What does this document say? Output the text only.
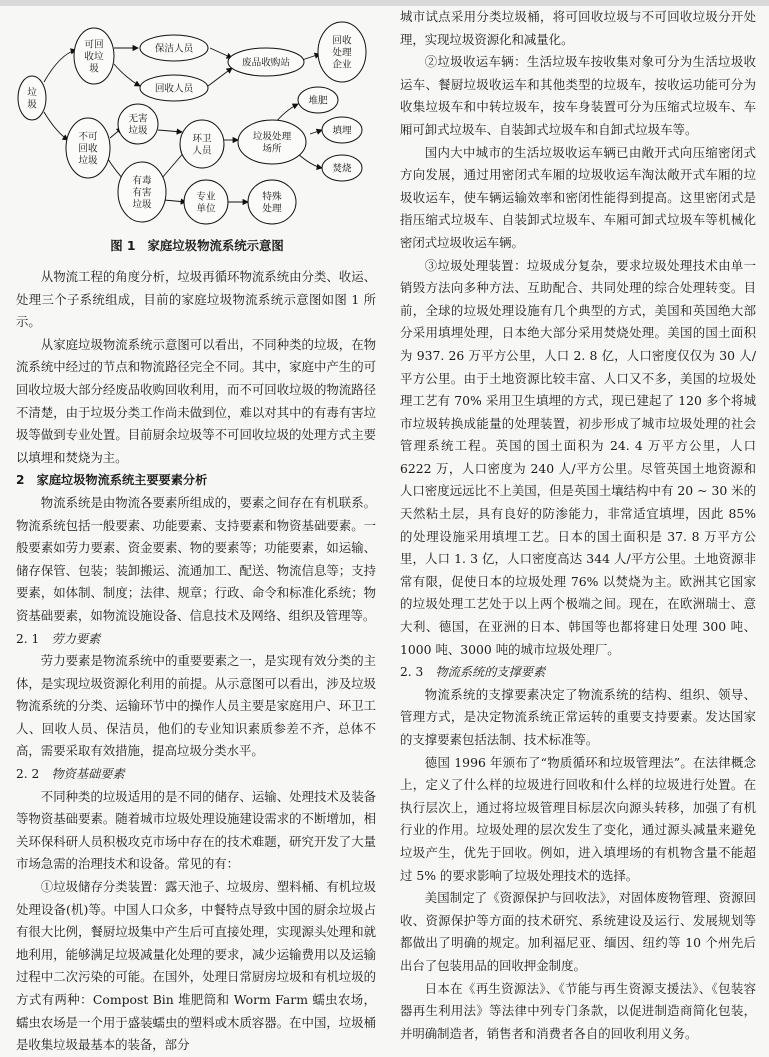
垃
圾
可回
收垃
圾
保洁人员
回收人员
废品收购站
回收
处理
企业
不可
回收
垃圾
无害
垃圾
有毒
有害
垃圾
环卫
人员
垃圾处理
场所
堆肥
填埋
焚烧
专业
单位
特殊
处理
图 1 家庭垃圾物流系统示意图

从物流工程的角度分析，垃圾再循环物流系统由分类、收运、处理三个子系统组成，目前的家庭垃圾物流系统示意图如图 1 所示。

从家庭垃圾物流系统示意图可以看出，不同种类的垃圾，在物流系统中经过的节点和物流路径完全不同。其中，家庭中产生的可回收垃圾大部分经废品收购回收利用，而不可回收垃圾的物流路径不清楚，由于垃圾分类工作尚未做到位，难以对其中的有毒有害垃圾等做到专业处置。目前厨余垃圾等不可回收垃圾的处理方式主要以填埋和焚烧为主。

2　家庭垃圾物流系统主要要素分析

物流系统是由物流各要素所组成的，要素之间存在有机联系。物流系统包括一般要素、功能要素、支持要素和物资基础要素。一般要素如劳力要素、资金要素、物的要素等；功能要素，如运输、储存保管、包装；装卸搬运、流通加工、配送、物流信息等；支持要素，如体制、制度；法律、规章；行政、命令和标准化系统；物资基础要素，如物流设施设备、信息技术及网络、组织及管理等。

2. 1　 劳力要素

劳力要素是物流系统中的重要要素之一，是实现有效分类的主体，是实现垃圾资源化利用的前提。从示意图可以看出，涉及垃圾物流系统的分类、运输环节中的操作人员主要是家庭用户、环卫工人、回收人员、保洁员，他们的专业知识素质参差不齐，总体不高，需要采取有效措施，提高垃圾分类水平。

2. 2　 物资基础要素

不同种类的垃圾适用的是不同的储存、运输、处理技术及装备等物资基础要素。随着城市垃圾处理设施建设需求的不断增加，相关环保科研人员积极攻克市场中存在的技术难题，研究开发了大量市场急需的治理技术和设备。常见的有：

①垃圾储存分类装置：露天池子、垃圾房、塑料桶、有机垃圾处理设备(机)等。中国人口众多，中餐特点导致中国的厨余垃圾占有很大比例，餐厨垃圾集中产生后可直接处理，实现源头处理和就地利用，能够满足垃圾减量化处理的要求，减少运输费用以及运输过程中二次污染的可能。在国外，处理日常厨房垃圾和有机垃圾的方式有两种：Compost Bin 堆肥筒和 Worm Farm 蠕虫农场，蠕虫农场是一个用于盛装蠕虫的塑料或木质容器。在中国，垃圾桶是收集垃圾最基本的装备，部分

城市试点采用分类垃圾桶，将可回收垃圾与不可回收垃圾分开处理，实现垃圾资源化和减量化。

②垃圾收运车辆：生活垃圾车按收集对象可分为生活垃圾收运车、餐厨垃圾收运车和其他类型的垃圾车，按收运功能可分为收集垃圾车和中转垃圾车，按车身装置可分为压缩式垃圾车、车厢可卸式垃圾车、自装卸式垃圾车和自卸式垃圾车等。

国内大中城市的生活垃圾收运车辆已由敞开式向压缩密闭式方向发展，通过用密闭式车厢的垃圾收运车淘汰敞开式车厢的垃圾收运车，使车辆运输效率和密闭性能得到提高。这里密闭式是指压缩式垃圾车、自装卸式垃圾车、车厢可卸式垃圾车等机械化密闭式垃圾收运车辆。

③垃圾处理装置：垃圾成分复杂，要求垃圾处理技术由单一销毁方法向多种方法、互助配合、共同处理的综合处理转变。目前，全球的垃圾处理设施有几个典型的方式，美国和英国绝大部分采用填埋处理，日本绝大部分采用焚烧处理。美国的国土面积为 937. 26 万平方公里，人口 2. 8 亿，人口密度仅仅为 30 人/平方公里。由于土地资源比较丰富、人口又不多，美国的垃圾处理工艺有 70% 采用卫生填埋的方式，现已建起了 120 多个将城市垃圾转换成能量的处理装置，初步形成了城市垃圾处理的社会管理系统工程。英国的国土面积为 24. 4 万平方公里，人口 6222 万，人口密度为 240 人/平方公里。尽管英国土地资源和人口密度远远比不上美国，但是英国土壤结构中有 20 ~ 30 米的天然粘土层，具有良好的防渗能力，非常适宜填埋，因此 85% 的处理设施采用填埋工艺。日本的国土面积是 37. 8 万平方公里，人口 1. 3 亿，人口密度高达 344 人/平方公里。土地资源非常有限，促使日本的垃圾处理 76% 以焚烧为主。欧洲其它国家的垃圾处理工艺处于以上两个极端之间。现在，在欧洲瑞士、意大利、德国，在亚洲的日本、韩国等也都将建日处理 300 吨、1000 吨、3000 吨的城市垃圾处理厂。

2. 3　 物流系统的支撑要素

物流系统的支撑要素决定了物流系统的结构、组织、领导、管理方式，是决定物流系统正常运转的重要支持要素。发达国家的支撑要素包括法制、技术标准等。

德国 1996 年颁布了“物质循环和垃圾管理法”。在法律概念上，定义了什么样的垃圾进行回收和什么样的垃圾进行处置。在执行层次上，通过将垃圾管理目标层次向源头转移，加强了有机行业的作用。垃圾处理的层次发生了变化，通过源头减量来避免垃圾产生，优先于回收。例如，进入填埋场的有机物含量不能超过 5% 的要求影响了垃圾处理技术的选择。

美国制定了《资源保护与回收法》，对固体废物管理、资源回收、资源保护等方面的技术研究、系统建设及运行、发展规划等都做出了明确的规定。加利福尼亚、缅因、纽约等 10 个州先后出台了包装用品的回收押金制度。

日本在《再生资源法》、《节能与再生资源支援法》、《包装容器再生利用法》等法律中列专门条款，以促进制造商简化包装，并明确制造者，销售者和消费者各自的回收利用义务。
